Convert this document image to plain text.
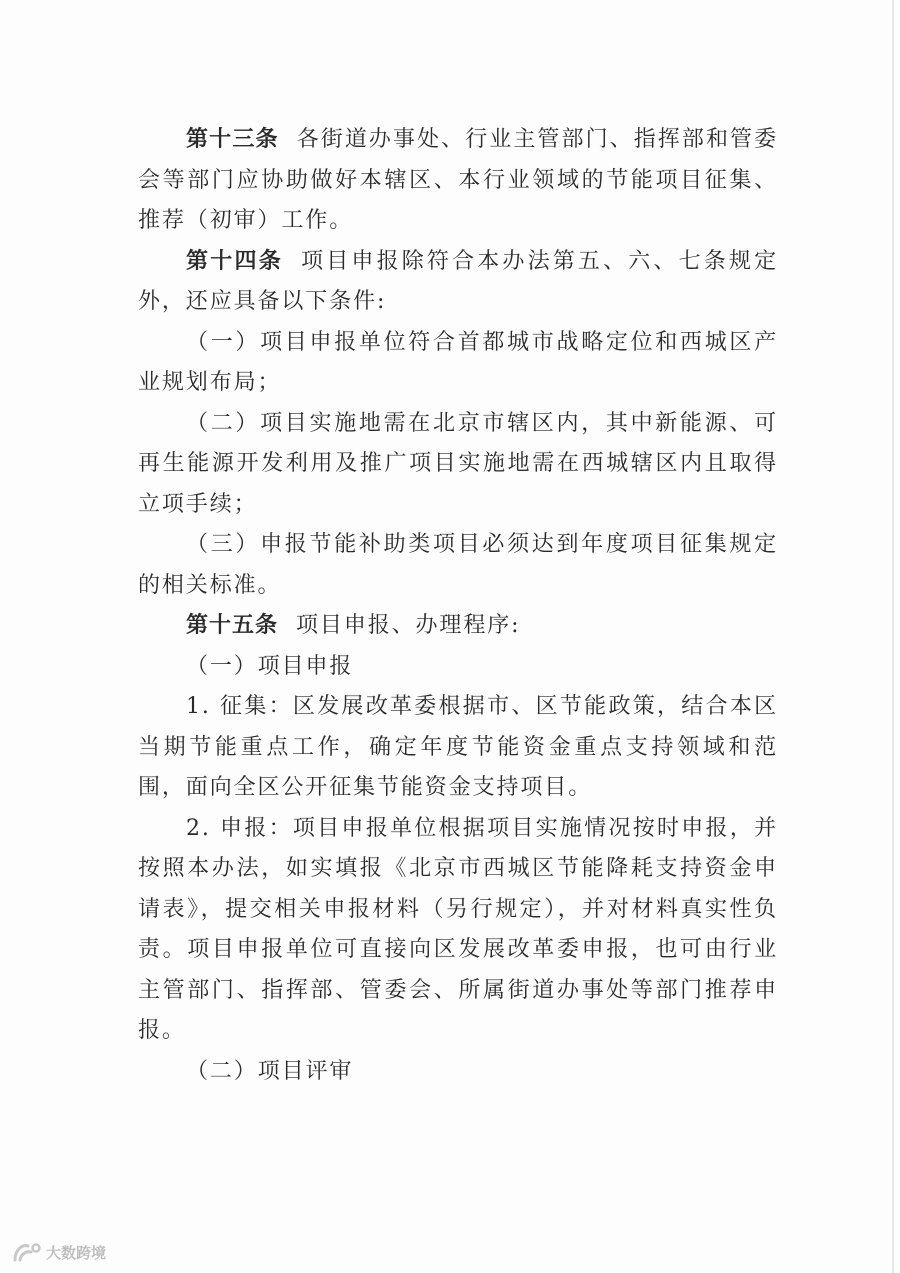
第十三条 各街道办事处、行业主管部门、指挥部和管委会等部门应协助做好本辖区、本行业领域的节能项目征集、推荐（初审）工作。

第十四条 项目申报除符合本办法第五、六、七条规定外，还应具备以下条件:

（一）项目申报单位符合首都城市战略定位和西城区产业规划布局；

（二）项目实施地需在北京市辖区内，其中新能源、可再生能源开发利用及推广项目实施地需在西城辖区内且取得立项手续；

（三）申报节能补助类项目必须达到年度项目征集规定的相关标准。

第十五条 项目申报、办理程序:

（一）项目申报

1. 征集：区发展改革委根据市、区节能政策，结合本区当期节能重点工作，确定年度节能资金重点支持领域和范围，面向全区公开征集节能资金支持项目。

2. 申报：项目申报单位根据项目实施情况按时申报，并按照本办法，如实填报《北京市西城区节能降耗支持资金申请表》，提交相关申报材料（另行规定），并对材料真实性负责。项目申报单位可直接向区发展改革委申报，也可由行业主管部门、指挥部、管委会、所属街道办事处等部门推荐申报。

（二）项目评审

大数跨境
